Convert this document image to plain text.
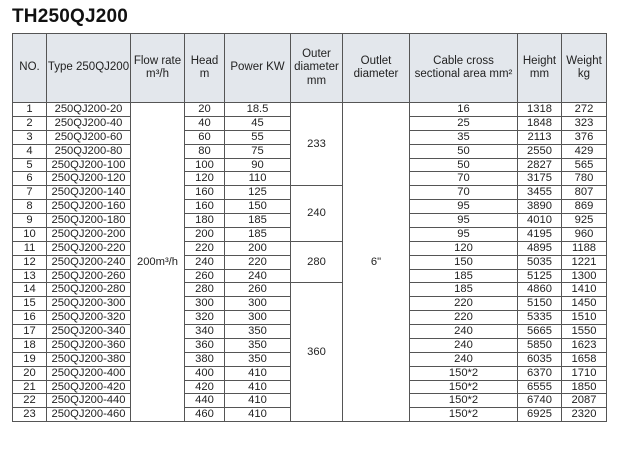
TH250QJ200
NO.	Type 250QJ200	Flow rate m³/h	Head m	Power KW	Outer diameter mm	Outlet diameter	Cable cross sectional area mm²	Height mm	Weight kg
1	250QJ200-20	200m³/h	20	18.5	233	6"	16	1318	272
2	250QJ200-40		40	45			25	1848	323
3	250QJ200-60		60	55			35	2113	376
4	250QJ200-80		80	75			50	2550	429
5	250QJ200-100		100	90			50	2827	565
6	250QJ200-120		120	110			70	3175	780
7	250QJ200-140		160	125	240		70	3455	807
8	250QJ200-160		160	150			95	3890	869
9	250QJ200-180		180	185			95	4010	925
10	250QJ200-200		200	185			95	4195	960
11	250QJ200-220		220	200	280		120	4895	1188
12	250QJ200-240		240	220			150	5035	1221
13	250QJ200-260		260	240			185	5125	1300
14	250QJ200-280		280	260	360		185	4860	1410
15	250QJ200-300		300	300			220	5150	1450
16	250QJ200-320		320	300			220	5335	1510
17	250QJ200-340		340	350			240	5665	1550
18	250QJ200-360		360	350			240	5850	1623
19	250QJ200-380		380	350			240	6035	1658
20	250QJ200-400		400	410			150*2	6370	1710
21	250QJ200-420		420	410			150*2	6555	1850
22	250QJ200-440		440	410			150*2	6740	2087
23	250QJ200-460		460	410			150*2	6925	2320
